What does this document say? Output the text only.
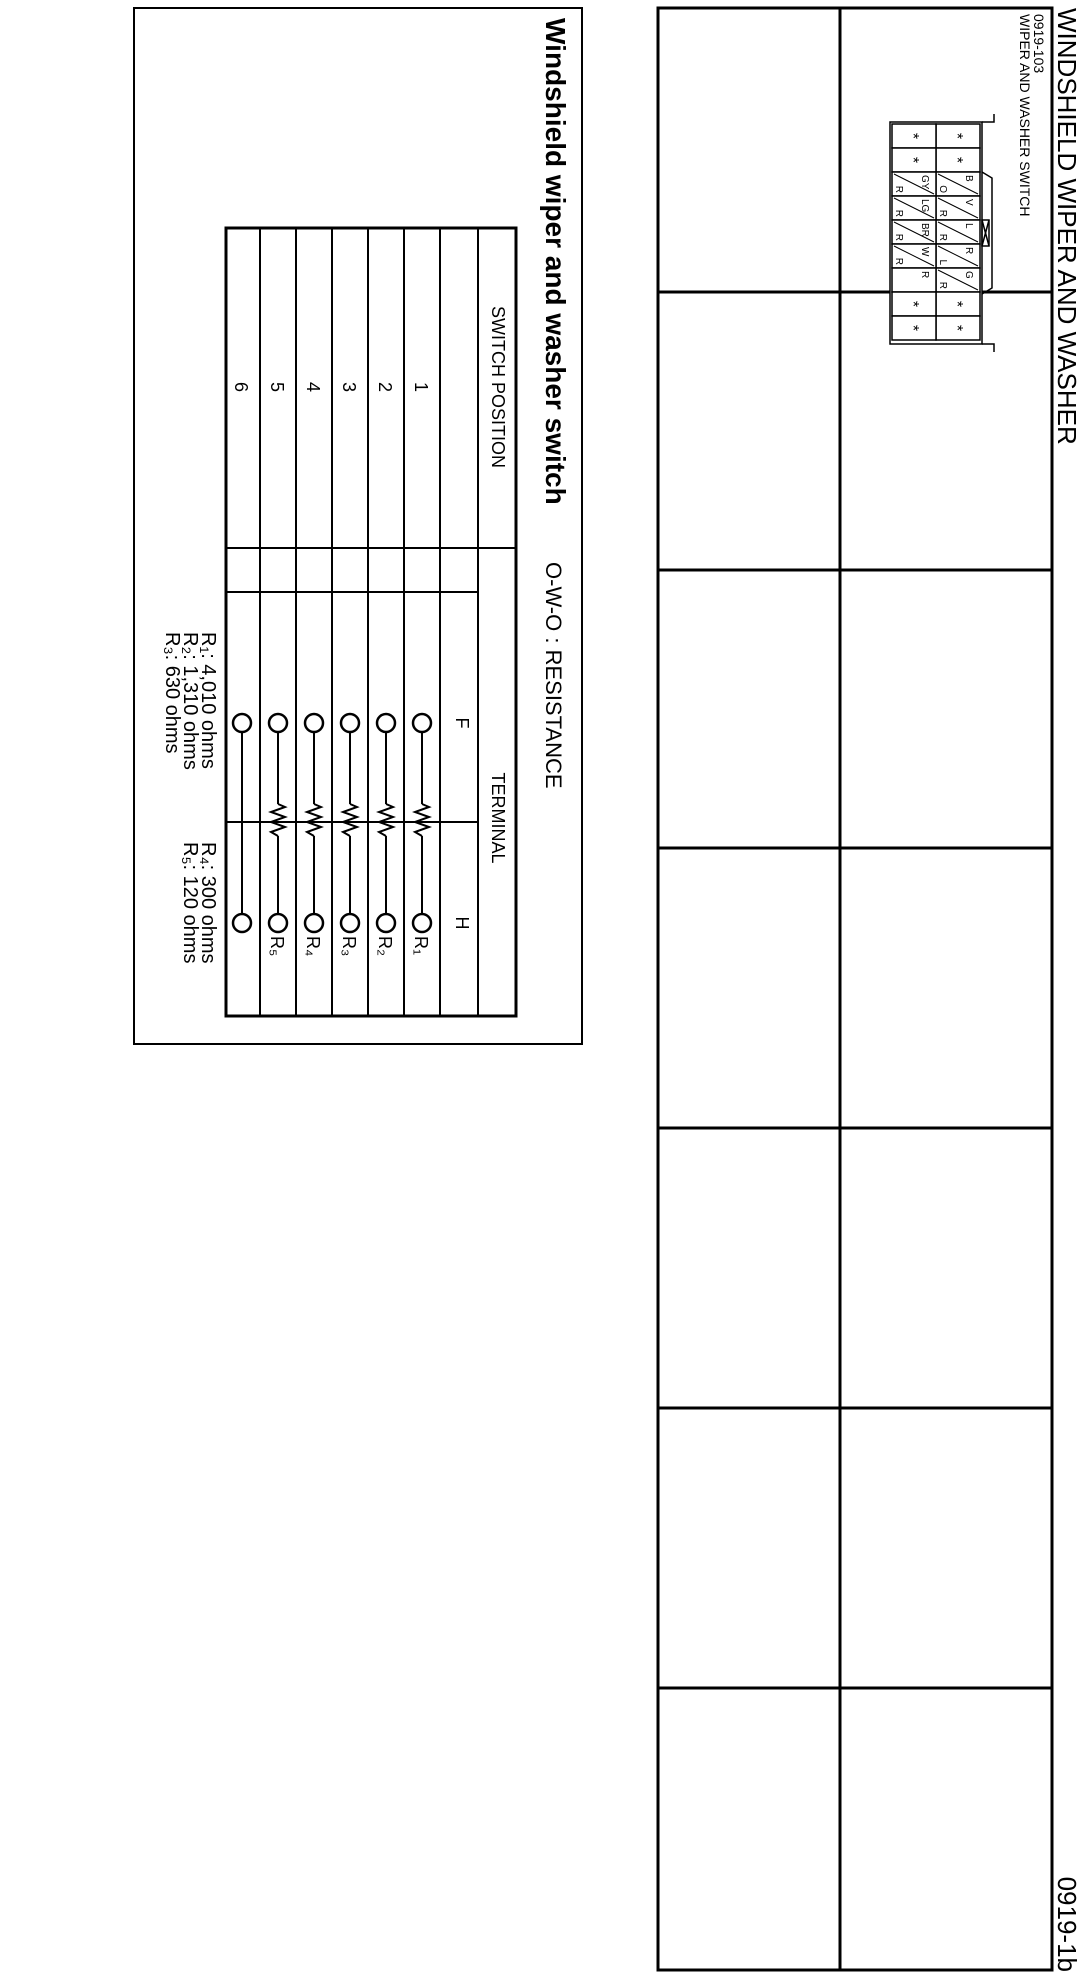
WINDSHIELD WIPER AND WASHER
0919-1b
0919-103
WIPER AND WASHER SWITCH
*
*
*
*
B
O
GY
R
V
R
LG
R
L
R
BR
R
R
L
W
R
G
R
R
*
*
*
*
Windshield wiper and washer switch
O-W-O : RESISTANCE
SWITCH POSITION
TERMINAL
F
H
1
R₁
2
R₂
3
R₃
4
R₄
5
R₅
6
R₁: 4,010 ohms
R₂: 1,310 ohms
R₃: 630 ohms
R₄: 300 ohms
R₅: 120 ohms
